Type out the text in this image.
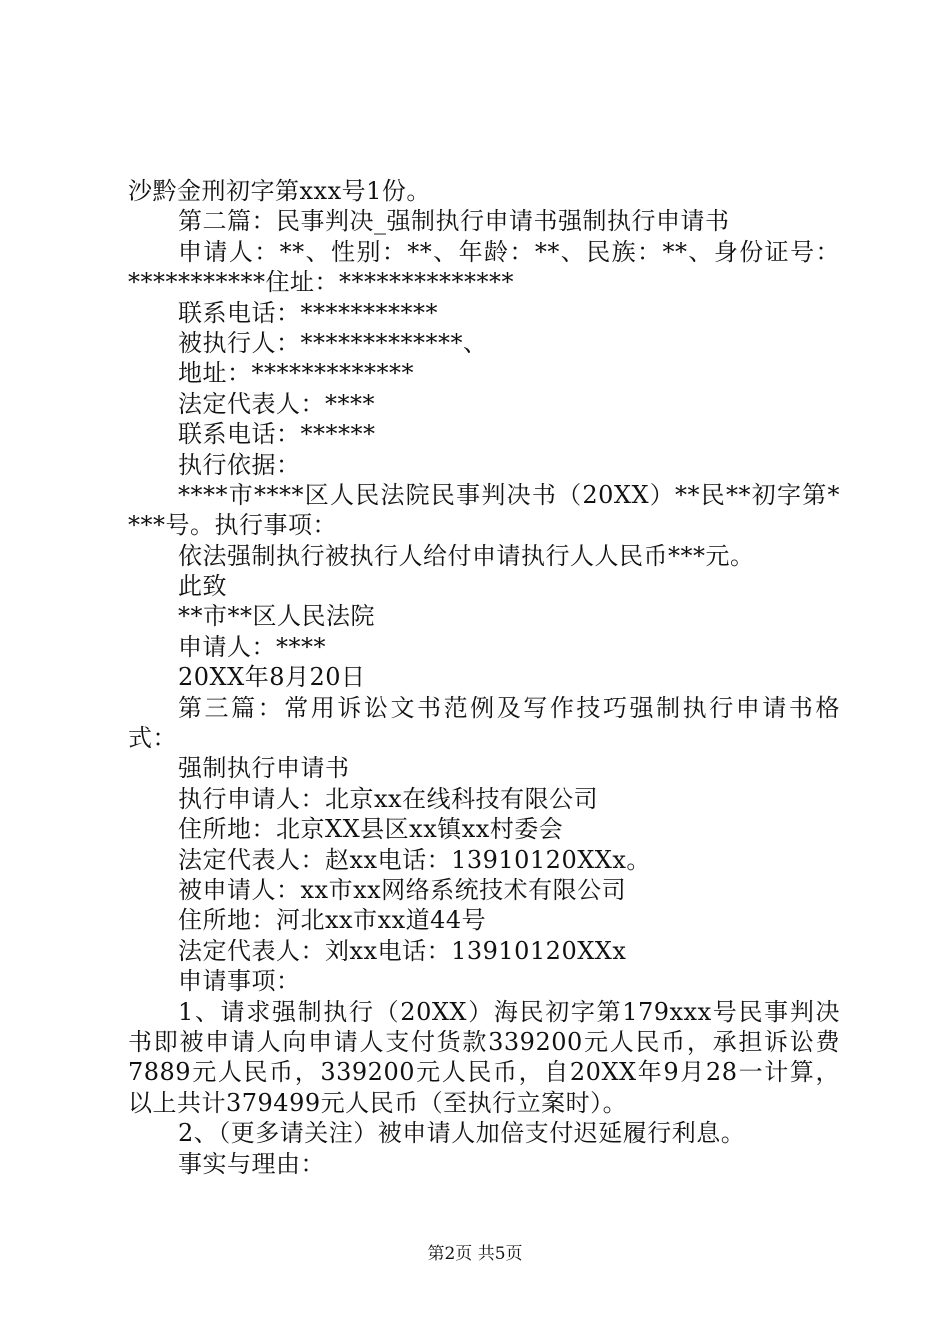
沙黔金刑初字第xxx号1份。
第二篇：民事判决_强制执行申请书强制执行申请书
申请人：**、性别：**、年龄：**、民族：**、身份证号：
***********住址：**************
联系电话：***********
被执行人：*************、
地址：*************
法定代表人：****
联系电话：******
执行依据：
****市****区人民法院民事判决书（20XX）**民**初字第*
***号。执行事项：
依法强制执行被执行人给付申请执行人人民币***元。
此致
**市**区人民法院
申请人：****
20XX年8月20日
第三篇：常用诉讼文书范例及写作技巧强制执行申请书格
式：
强制执行申请书
执行申请人：北京xx在线科技有限公司
住所地：北京XX县区xx镇xx村委会
法定代表人：赵xx电话：13910120XXx。
被申请人：xx市xx网络系统技术有限公司
住所地：河北xx市xx道44号
法定代表人：刘xx电话：13910120XXx
申请事项：
1、请求强制执行（20XX）海民初字第179xxx号民事判决
书即被申请人向申请人支付货款339200元人民币，承担诉讼费
7889元人民币，339200元人民币，自20XX年9月28一计算，
以上共计379499元人民币（至执行立案时）。
2、（更多请关注）被申请人加倍支付迟延履行利息。
事实与理由：
第2页 共5页
